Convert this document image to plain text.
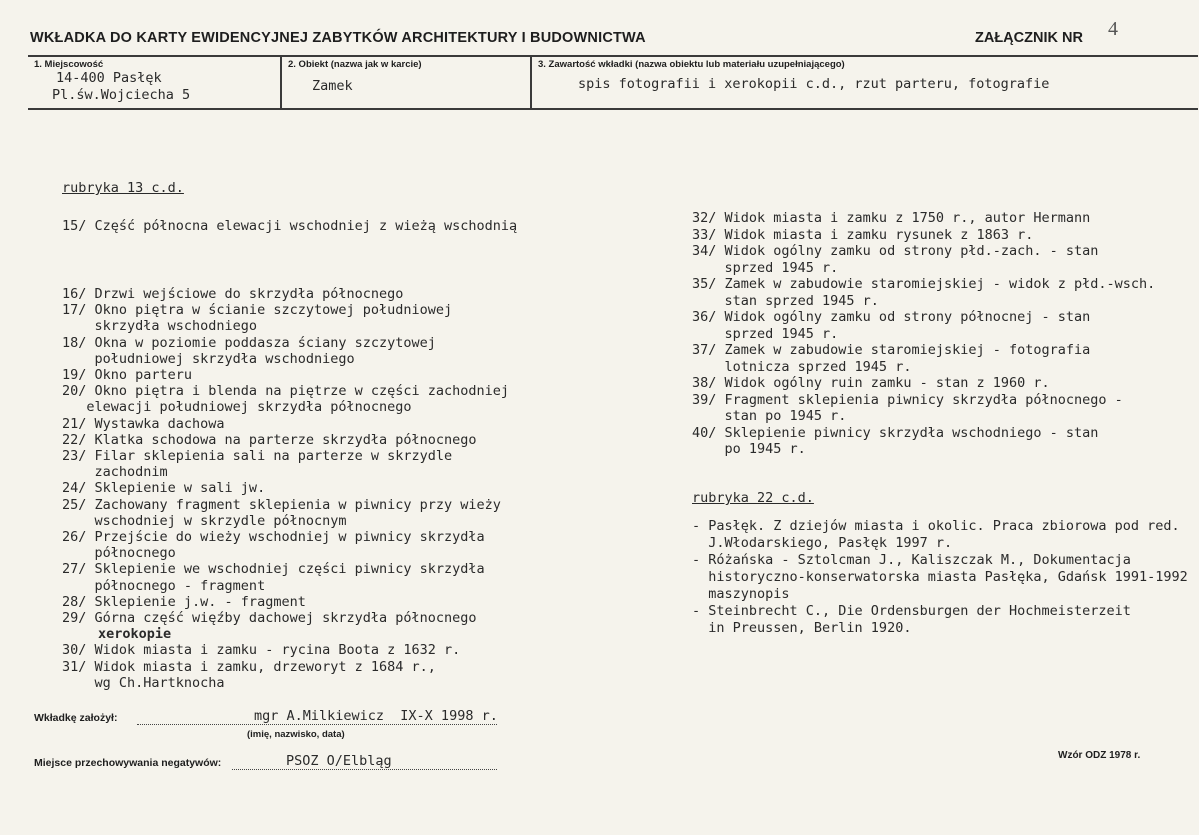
WKŁADKA DO KARTY EWIDENCYJNEJ ZABYTKÓW ARCHITEKTURY I BUDOWNICTWA	ZAŁĄCZNIK NR 4
1. Miejscowość
14-400 Pasłęk
Pl.św.Wojciecha 5
2. Obiekt (nazwa jak w karcie)
Zamek
3. Zawartość wkładki (nazwa obiektu lub materiału uzupełniającego)
spis fotografii i xerokopii c.d., rzut parteru, fotografie
rubryka 13 c.d.
15/ Część północna elewacji wschodniej z wieżą wschodnią
16/ Drzwi wejściowe do skrzydła północnego
17/ Okno piętra w ścianie szczytowej południowej
skrzydła wschodniego
18/ Okna w poziomie poddasza ściany szczytowej
południowej skrzydła wschodniego
19/ Okno parteru
20/ Okno piętra i blenda na piętrze w części zachodniej
elewacji południowej skrzydła północnego
21/ Wystawka dachowa
22/ Klatka schodowa na parterze skrzydła północnego
23/ Filar sklepienia sali na parterze w skrzydle
zachodnim
24/ Sklepienie w sali jw.
25/ Zachowany fragment sklepienia w piwnicy przy wieży
wschodniej w skrzydle północnym
26/ Przejście do wieży wschodniej w piwnicy skrzydła
północnego
27/ Sklepienie we wschodniej części piwnicy skrzydła
północnego - fragment
28/ Sklepienie j.w. - fragment
29/ Górna część więźby dachowej skrzydła północnego
xerokopie
30/ Widok miasta i zamku - rycina Boota z 1632 r.
31/ Widok miasta i zamku, drzeworyt z 1684 r.,
wg Ch.Hartknocha
32/ Widok miasta i zamku z 1750 r., autor Hermann
33/ Widok miasta i zamku rysunek z 1863 r.
34/ Widok ogólny zamku od strony płd.-zach. - stan
sprzed 1945 r.
35/ Zamek w zabudowie staromiejskiej - widok z płd.-wsch.
stan sprzed 1945 r.
36/ Widok ogólny zamku od strony północnej - stan
sprzed 1945 r.
37/ Zamek w zabudowie staromiejskiej - fotografia
lotnicza sprzed 1945 r.
38/ Widok ogólny ruin zamku - stan z 1960 r.
39/ Fragment sklepienia piwnicy skrzydła północnego -
stan po 1945 r.
40/ Sklepienie piwnicy skrzydła wschodniego - stan
po 1945 r.
rubryka 22 c.d.
- Pasłęk. Z dziejów miasta i okolic. Praca zbiorowa pod red.
J.Włodarskiego, Pasłęk 1997 r.
- Różańska - Sztolcman J., Kaliszczak M., Dokumentacja
historyczno-konserwatorska miasta Pasłęka, Gdańsk 1991-1992
maszynopis
- Steinbrecht C., Die Ordensburgen der Hochmeisterzeit
in Preussen, Berlin 1920.
Wkładkę założył:	mgr A.Milkiewicz  IX-X 1998 r.
(imię, nazwisko, data)
Miejsce przechowywania negatywów:	PSOZ O/Elbląg	Wzór ODZ 1978 r.
